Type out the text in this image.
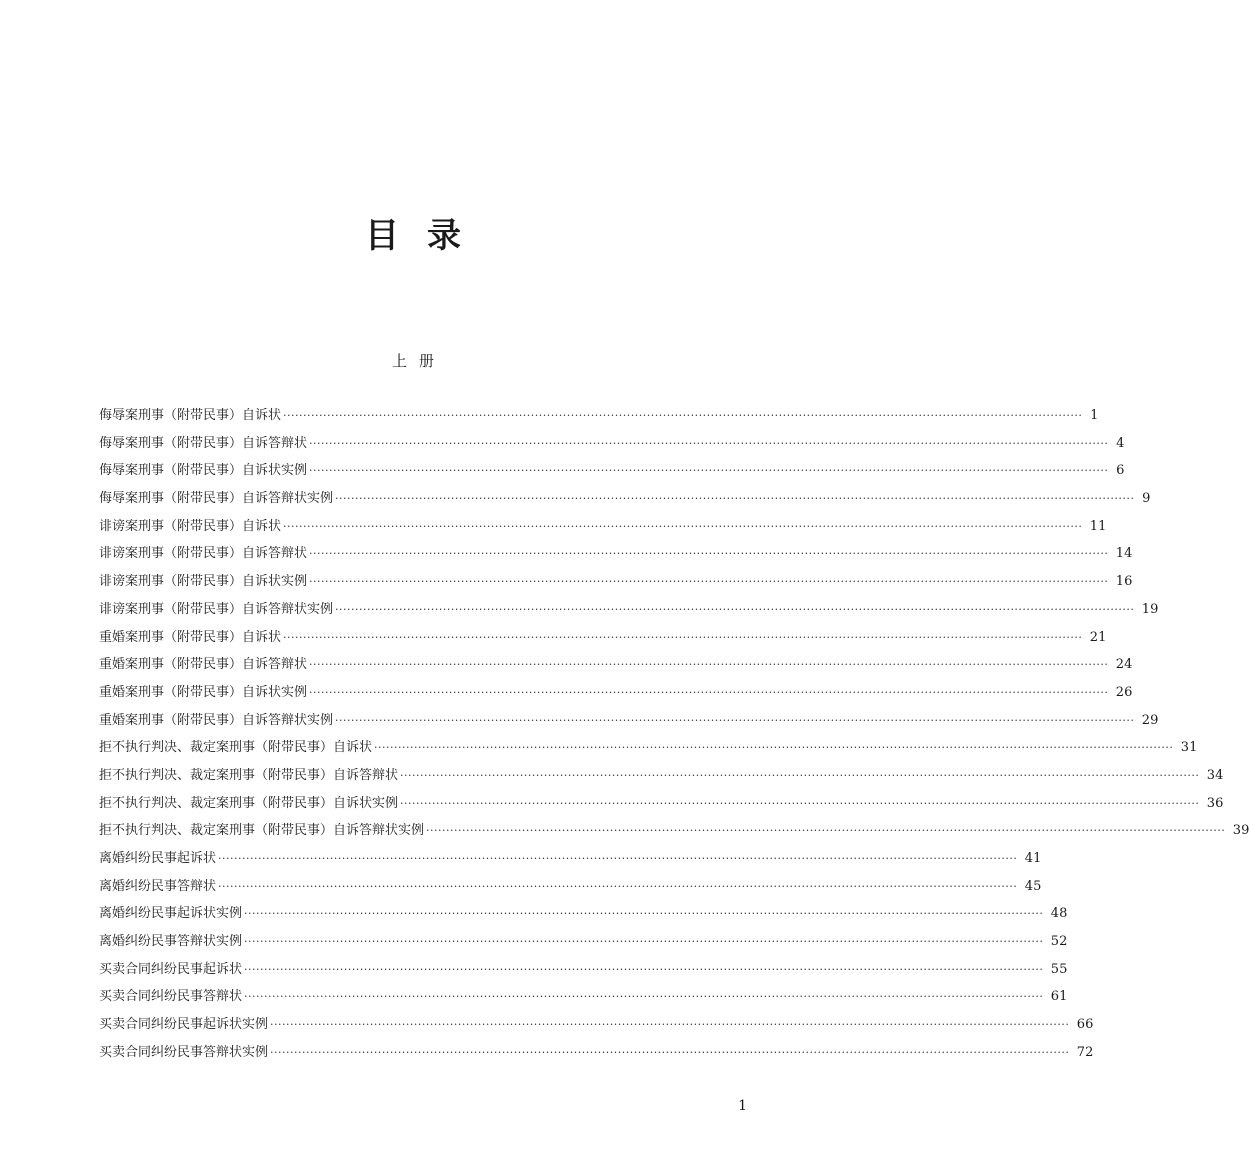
目录
上册
侮辱案刑事（附带民事）自诉状 ········································································································································································································ 1
侮辱案刑事（附带民事）自诉答辩状 ········································································································································································································ 4
侮辱案刑事（附带民事）自诉状实例 ········································································································································································································ 6
侮辱案刑事（附带民事）自诉答辩状实例 ········································································································································································································ 9
诽谤案刑事（附带民事）自诉状 ········································································································································································································ 11
诽谤案刑事（附带民事）自诉答辩状 ········································································································································································································ 14
诽谤案刑事（附带民事）自诉状实例 ········································································································································································································ 16
诽谤案刑事（附带民事）自诉答辩状实例 ········································································································································································································ 19
重婚案刑事（附带民事）自诉状 ········································································································································································································ 21
重婚案刑事（附带民事）自诉答辩状 ········································································································································································································ 24
重婚案刑事（附带民事）自诉状实例 ········································································································································································································ 26
重婚案刑事（附带民事）自诉答辩状实例 ········································································································································································································ 29
拒不执行判决、裁定案刑事（附带民事）自诉状 ········································································································································································································ 31
拒不执行判决、裁定案刑事（附带民事）自诉答辩状 ········································································································································································································ 34
拒不执行判决、裁定案刑事（附带民事）自诉状实例 ········································································································································································································ 36
拒不执行判决、裁定案刑事（附带民事）自诉答辩状实例 ········································································································································································································ 39
离婚纠纷民事起诉状 ········································································································································································································ 41
离婚纠纷民事答辩状 ········································································································································································································ 45
离婚纠纷民事起诉状实例 ········································································································································································································ 48
离婚纠纷民事答辩状实例 ········································································································································································································ 52
买卖合同纠纷民事起诉状 ········································································································································································································ 55
买卖合同纠纷民事答辩状 ········································································································································································································ 61
买卖合同纠纷民事起诉状实例 ········································································································································································································ 66
买卖合同纠纷民事答辩状实例 ········································································································································································································ 72
1
